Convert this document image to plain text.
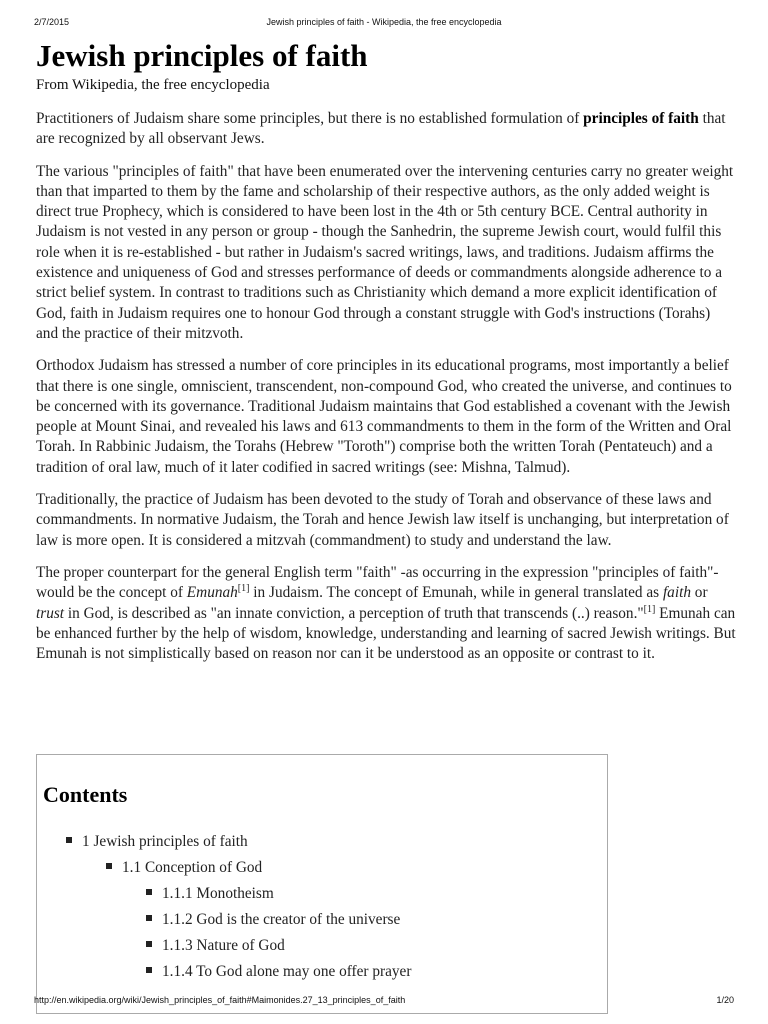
2/7/2015	Jewish principles of faith - Wikipedia, the free encyclopedia
Jewish principles of faith
From Wikipedia, the free encyclopedia

Practitioners of Judaism share some principles, but there is no established formulation of principles of faith that are recognized by all observant Jews.

The various "principles of faith" that have been enumerated over the intervening centuries carry no greater weight than that imparted to them by the fame and scholarship of their respective authors, as the only added weight is direct true Prophecy, which is considered to have been lost in the 4th or 5th century BCE. Central authority in Judaism is not vested in any person or group - though the Sanhedrin, the supreme Jewish court, would fulfil this role when it is re-established - but rather in Judaism's sacred writings, laws, and traditions. Judaism affirms the existence and uniqueness of God and stresses performance of deeds or commandments alongside adherence to a strict belief system. In contrast to traditions such as Christianity which demand a more explicit identification of God, faith in Judaism requires one to honour God through a constant struggle with God's instructions (Torahs) and the practice of their mitzvoth.

Orthodox Judaism has stressed a number of core principles in its educational programs, most importantly a belief that there is one single, omniscient, transcendent, non-compound God, who created the universe, and continues to be concerned with its governance. Traditional Judaism maintains that God established a covenant with the Jewish people at Mount Sinai, and revealed his laws and 613 commandments to them in the form of the Written and Oral Torah. In Rabbinic Judaism, the Torahs (Hebrew "Toroth") comprise both the written Torah (Pentateuch) and a tradition of oral law, much of it later codified in sacred writings (see: Mishna, Talmud).

Traditionally, the practice of Judaism has been devoted to the study of Torah and observance of these laws and commandments. In normative Judaism, the Torah and hence Jewish law itself is unchanging, but interpretation of law is more open. It is considered a mitzvah (commandment) to study and understand the law.

The proper counterpart for the general English term "faith" -as occurring in the expression "principles of faith"- would be the concept of Emunah[1] in Judaism. The concept of Emunah, while in general translated as faith or trust in God, is described as "an innate conviction, a perception of truth that transcends (..) reason."[1] Emunah can be enhanced further by the help of wisdom, knowledge, understanding and learning of sacred Jewish writings. But Emunah is not simplistically based on reason nor can it be understood as an opposite or contrast to it.

Contents
1 Jewish principles of faith
1.1 Conception of God
1.1.1 Monotheism
1.1.2 God is the creator of the universe
1.1.3 Nature of God
1.1.4 To God alone may one offer prayer
http://en.wikipedia.org/wiki/Jewish_principles_of_faith#Maimonides.27_13_principles_of_faith	1/20
